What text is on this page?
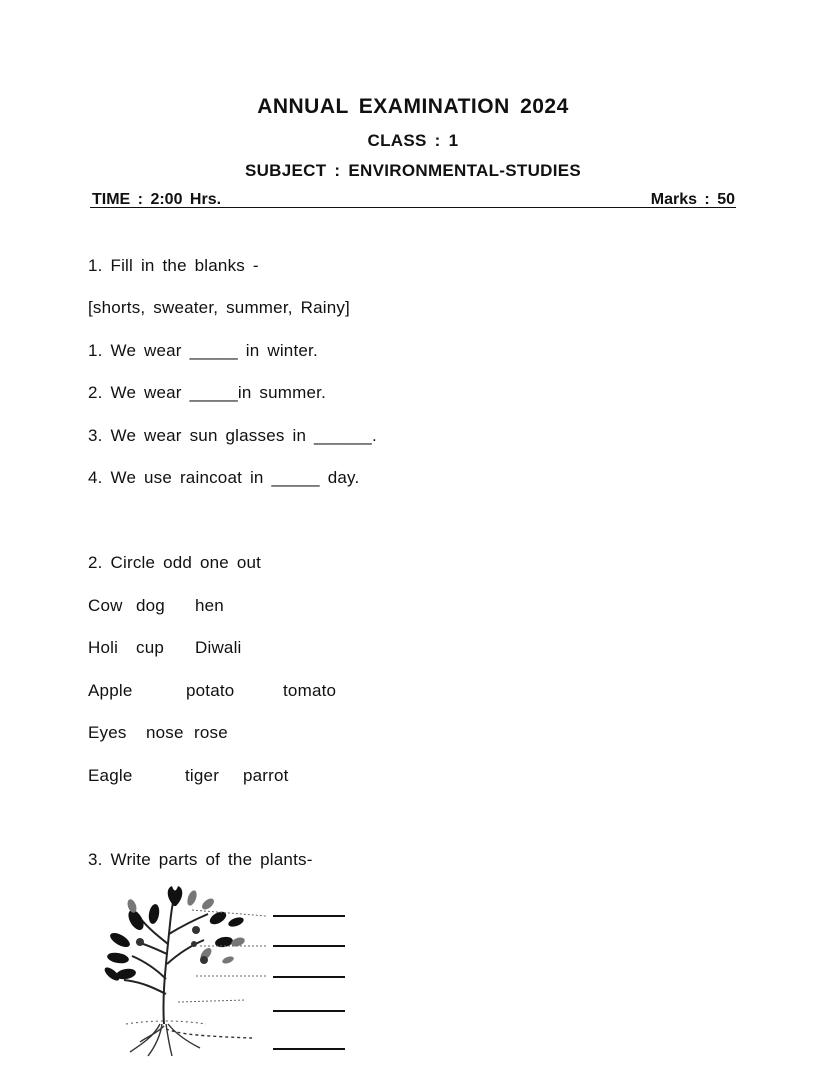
ANNUAL EXAMINATION 2024
CLASS : 1
SUBJECT : ENVIRONMENTAL-STUDIES
TIME : 2:00 Hrs.	Marks : 50
1. Fill in the blanks -
[shorts, sweater, summer, Rainy]
1. We wear _____ in winter.
2. We wear _____in summer.
3. We wear sun glasses in ______.
4. We use raincoat in _____ day.
2. Circle odd one out
Cow dog hen
Holi cup Diwali
Apple	potato	tomato
Eyes nose rose
Eagle	tiger parrot
3. Write parts of the plants-
